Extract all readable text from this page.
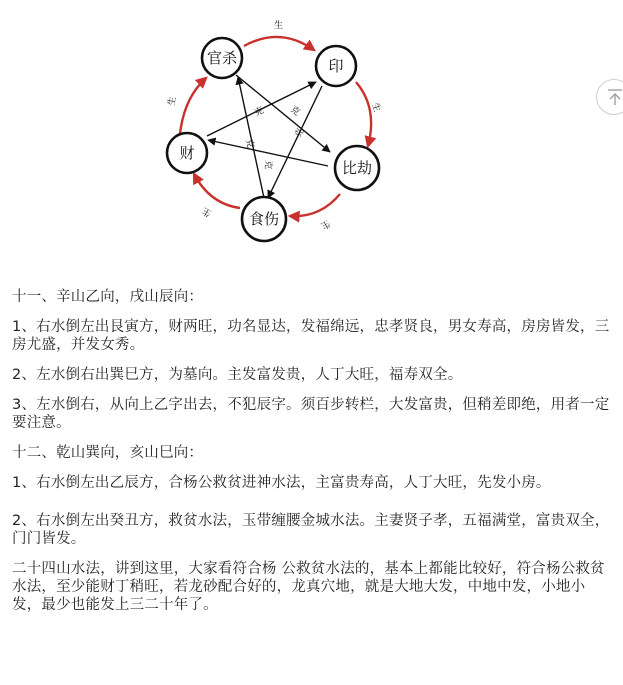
生
生
生
生
生
克	克
克
克
克
官杀	印
比劫
食伤
财

十一、辛山乙向，戌山辰向：

1、右水倒左出艮寅方，财两旺，功名显达，发福绵远，忠孝贤良，男女寿高，房房皆发，三房尤盛，并发女秀。

2、左水倒右出巽巳方，为墓向。主发富发贵，人丁大旺，福寿双全。

3、左水倒右，从向上乙字出去，不犯辰字。须百步转栏，大发富贵，但稍差即绝，用者一定要注意。

十二、乾山巽向，亥山巳向：

1、右水倒左出乙辰方，合杨公救贫进神水法，主富贵寿高，人丁大旺，先发小房。

2、右水倒左出癸丑方，救贫水法，玉带缠腰金城水法。主妻贤子孝，五福满堂，富贵双全，门门皆发。

二十四山水法，讲到这里，大家看符合杨 公救贫水法的，基本上都能比较好，符合杨公救贫水法，至少能财丁稍旺，若龙砂配合好的，龙真穴地，就是大地大发，中地中发，小地小发，最少也能发上三二十年了。
